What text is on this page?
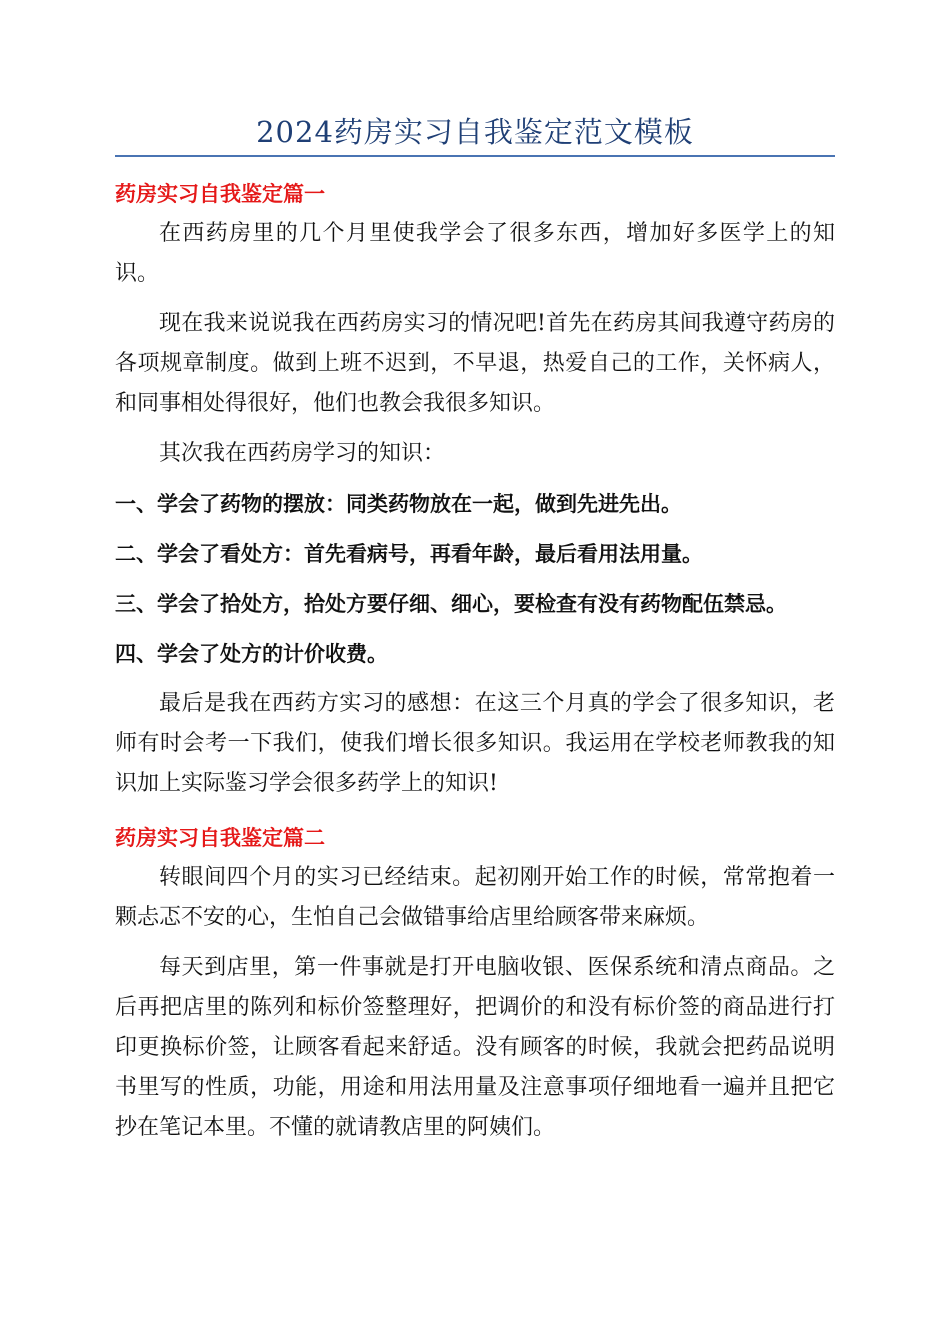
2024药房实习自我鉴定范文模板
药房实习自我鉴定篇一

在西药房里的几个月里使我学会了很多东西，增加好多医学上的知识。

现在我来说说我在西药房实习的情况吧!首先在药房其间我遵守药房的各项规章制度。做到上班不迟到，不早退，热爱自己的工作，关怀病人，和同事相处得很好，他们也教会我很多知识。

其次我在西药房学习的知识：

一、学会了药物的摆放：同类药物放在一起，做到先进先出。

二、学会了看处方：首先看病号，再看年龄，最后看用法用量。

三、学会了拾处方，拾处方要仔细、细心，要检查有没有药物配伍禁忌。

四、学会了处方的计价收费。

最后是我在西药方实习的感想：在这三个月真的学会了很多知识，老师有时会考一下我们，使我们增长很多知识。我运用在学校老师教我的知识加上实际鉴习学会很多药学上的知识!

药房实习自我鉴定篇二

转眼间四个月的实习已经结束。起初刚开始工作的时候，常常抱着一颗忐忑不安的心，生怕自己会做错事给店里给顾客带来麻烦。

每天到店里，第一件事就是打开电脑收银、医保系统和清点商品。之后再把店里的陈列和标价签整理好，把调价的和没有标价签的商品进行打印更换标价签，让顾客看起来舒适。没有顾客的时候，我就会把药品说明书里写的性质，功能，用途和用法用量及注意事项仔细地看一遍并且把它抄在笔记本里。不懂的就请教店里的阿姨们。
